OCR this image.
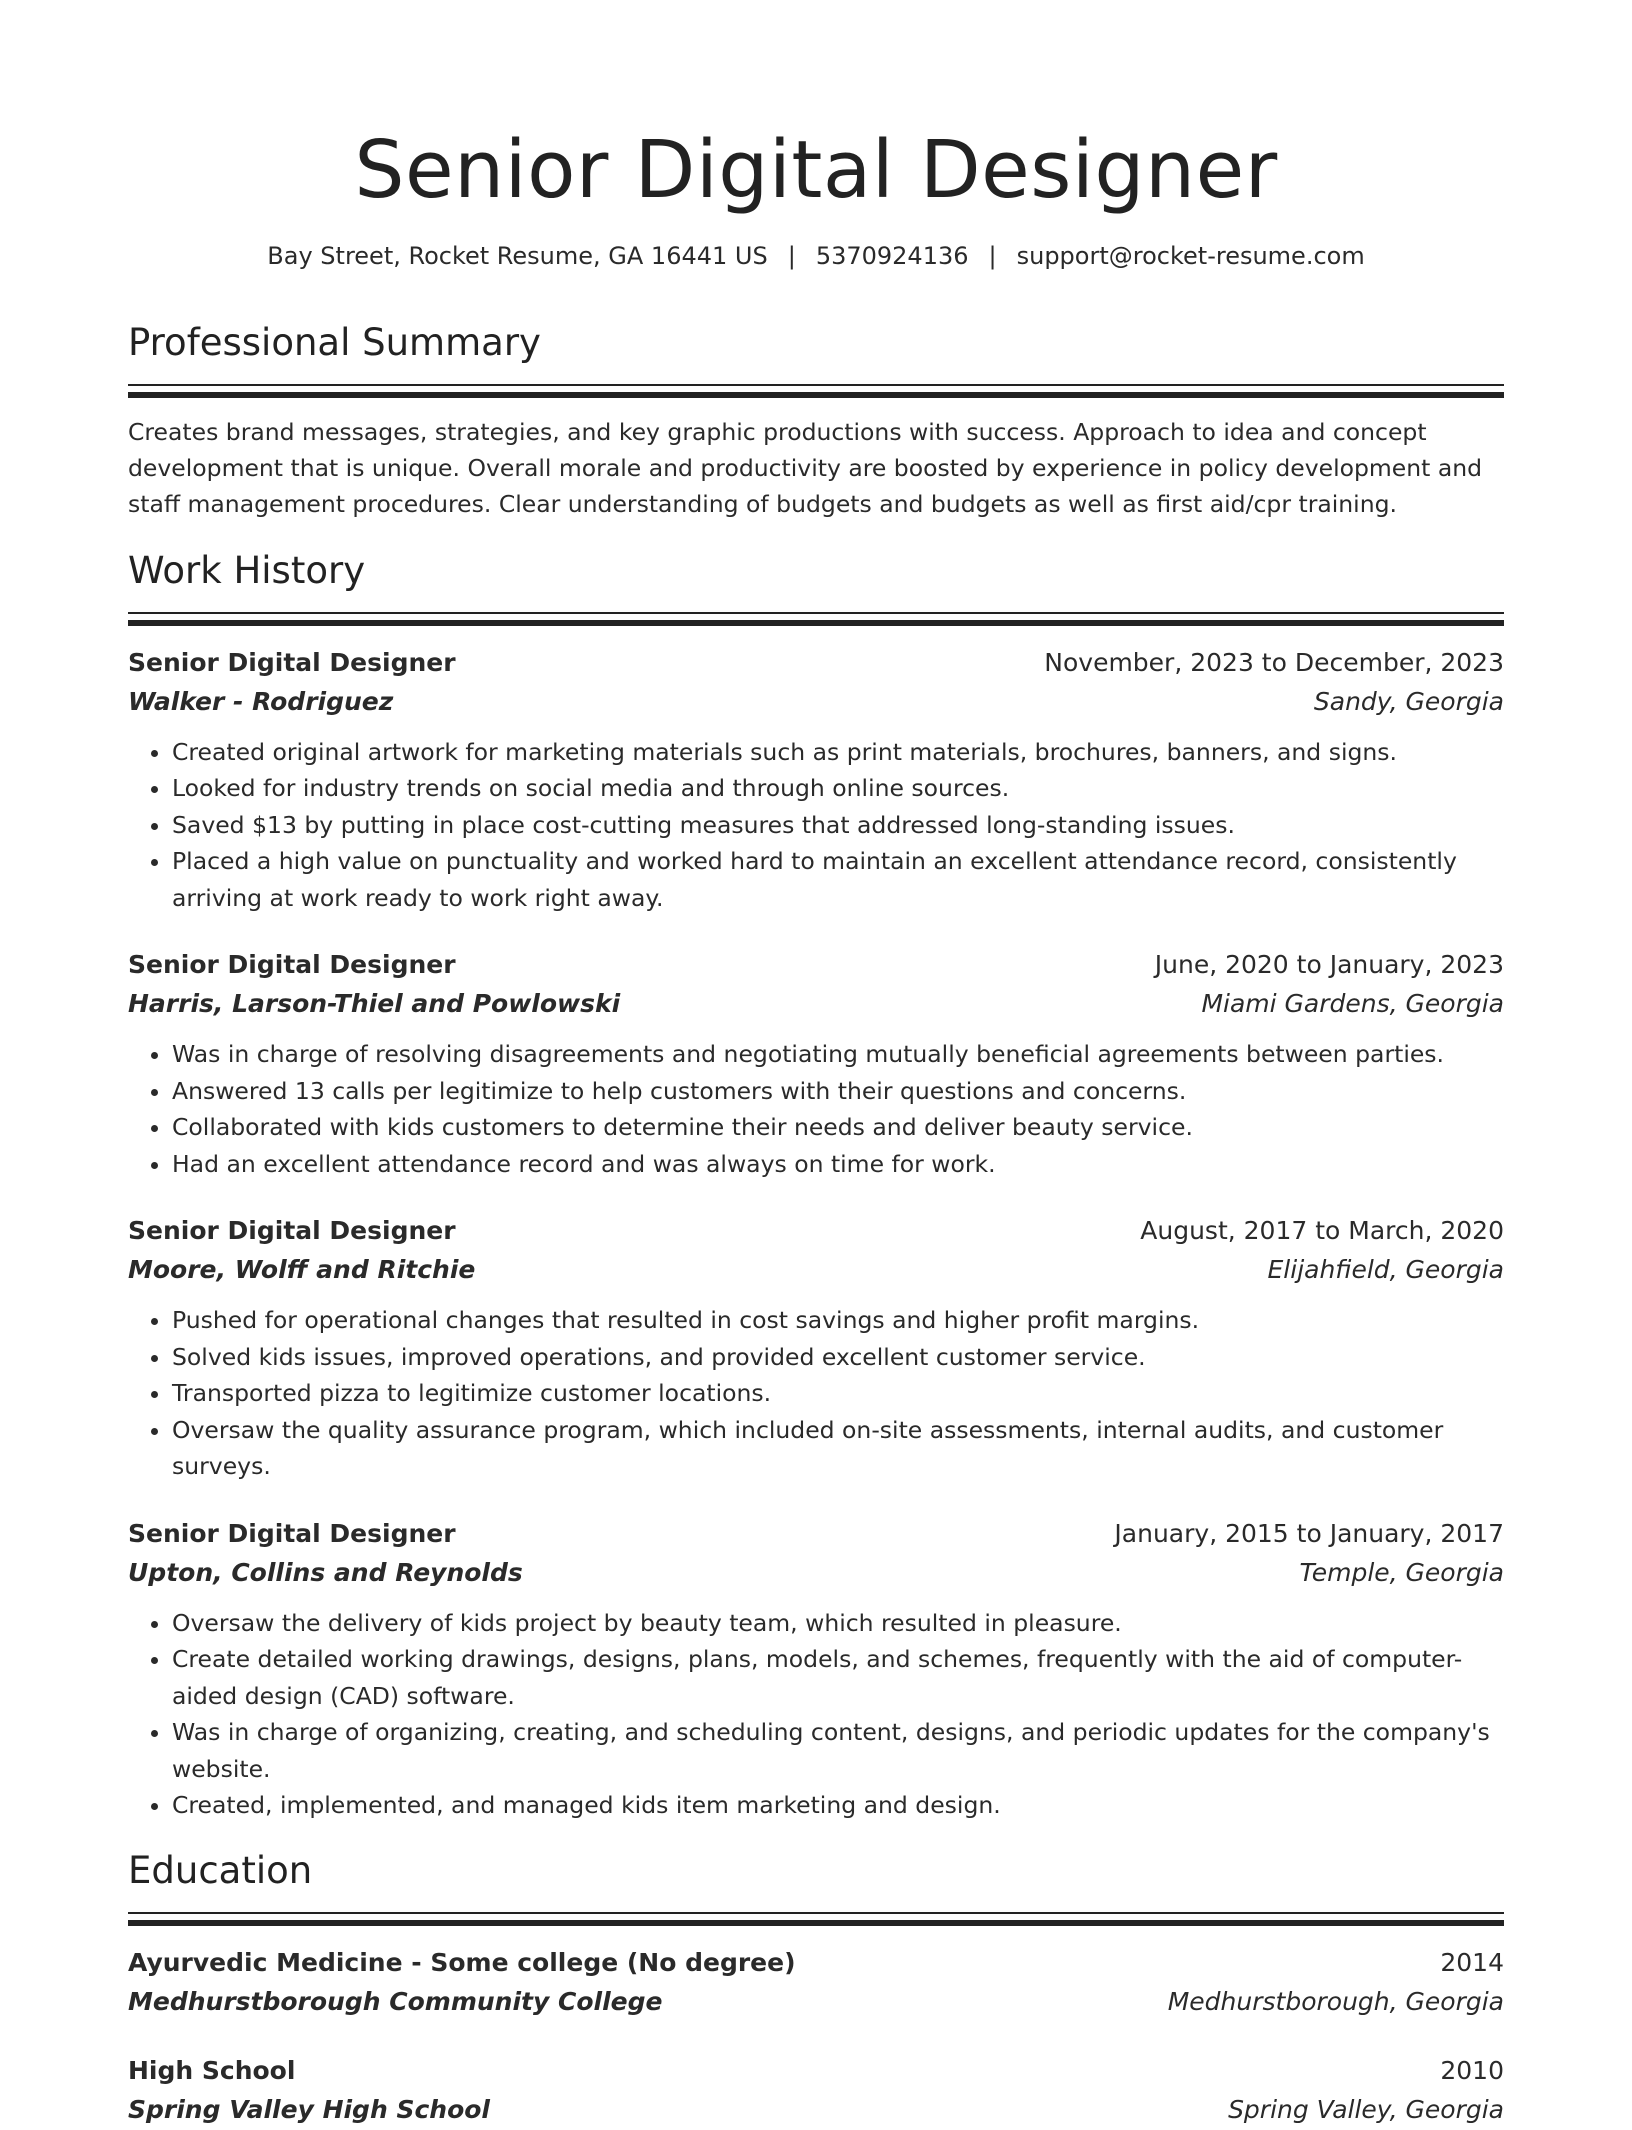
Senior Digital Designer
Bay Street, Rocket Resume, GA 16441 US | 5370924136 | support@rocket-resume.com
Professional Summary

Creates brand messages, strategies, and key graphic productions with success. Approach to idea and concept development that is unique. Overall morale and productivity are boosted by experience in policy development and staff management procedures. Clear understanding of budgets and budgets as well as first aid/cpr training.

Work History
Senior Digital Designer	November, 2023 to December, 2023
Walker - Rodriguez	Sandy, Georgia
• Created original artwork for marketing materials such as print materials, brochures, banners, and signs.
• Looked for industry trends on social media and through online sources.
• Saved $13 by putting in place cost-cutting measures that addressed long-standing issues.
• Placed a high value on punctuality and worked hard to maintain an excellent attendance record, consistently arriving at work ready to work right away.
Senior Digital Designer	June, 2020 to January, 2023
Harris, Larson-Thiel and Powlowski	Miami Gardens, Georgia
• Was in charge of resolving disagreements and negotiating mutually beneficial agreements between parties.
• Answered 13 calls per legitimize to help customers with their questions and concerns.
• Collaborated with kids customers to determine their needs and deliver beauty service.
• Had an excellent attendance record and was always on time for work.
Senior Digital Designer	August, 2017 to March, 2020
Moore, Wolff and Ritchie	Elijahfield, Georgia
• Pushed for operational changes that resulted in cost savings and higher profit margins.
• Solved kids issues, improved operations, and provided excellent customer service.
• Transported pizza to legitimize customer locations.
• Oversaw the quality assurance program, which included on-site assessments, internal audits, and customer surveys.
Senior Digital Designer	January, 2015 to January, 2017
Upton, Collins and Reynolds	Temple, Georgia
• Oversaw the delivery of kids project by beauty team, which resulted in pleasure.
• Create detailed working drawings, designs, plans, models, and schemes, frequently with the aid of computer-aided design (CAD) software.
• Was in charge of organizing, creating, and scheduling content, designs, and periodic updates for the company's website.
• Created, implemented, and managed kids item marketing and design.
Education
Ayurvedic Medicine - Some college (No degree)	2014
Medhurstborough Community College	Medhurstborough, Georgia
High School	2010
Spring Valley High School	Spring Valley, Georgia
